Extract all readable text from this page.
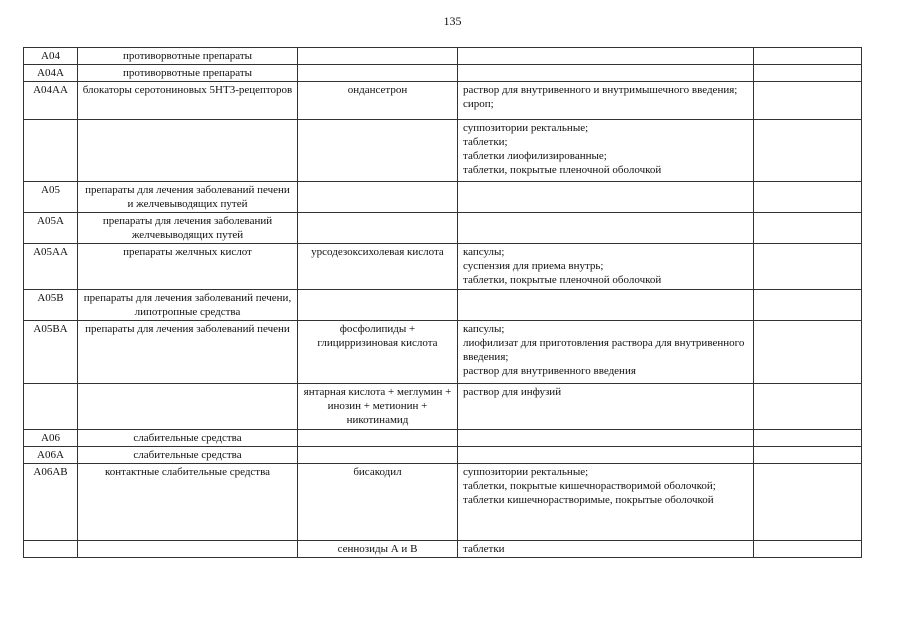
135
A04	противорвотные препараты			
A04A	противорвотные препараты			
A04AA	блокаторы серотониновых 5НТ3-рецепторов	ондансетрон	раствор для внутривенного и внутримышечного введения;
сироп;	

			суппозитории ректальные;
таблетки;
таблетки лиофилизированные;
таблетки, покрытые пленочной оболочкой	

A05	препараты для лечения заболеваний печени и желчевыводящих путей			
A05A	препараты для лечения заболеваний желчевыводящих путей			
A05AA	препараты желчных кислот	урсодезоксихолевая кислота	капсулы;
суспензия для приема внутрь;
таблетки, покрытые пленочной оболочкой	

A05B	препараты для лечения заболеваний печени, липотропные средства			
A05BA	препараты для лечения заболеваний печени	фосфолипиды + глицирризиновая кислота	капсулы;
лиофилизат для приготовления раствора для внутривенного введения;
раствор для внутривенного введения	

		янтарная кислота + меглумин + инозин + метионин + никотинамид	раствор для инфузий	

A06	слабительные средства			
A06A	слабительные средства			
A06AB	контактные слабительные средства	бисакодил	суппозитории ректальные;
таблетки, покрытые кишечнорастворимой оболочкой;
таблетки кишечнорастворимые, покрытые оболочкой	

		сеннозиды А и В	таблетки	
